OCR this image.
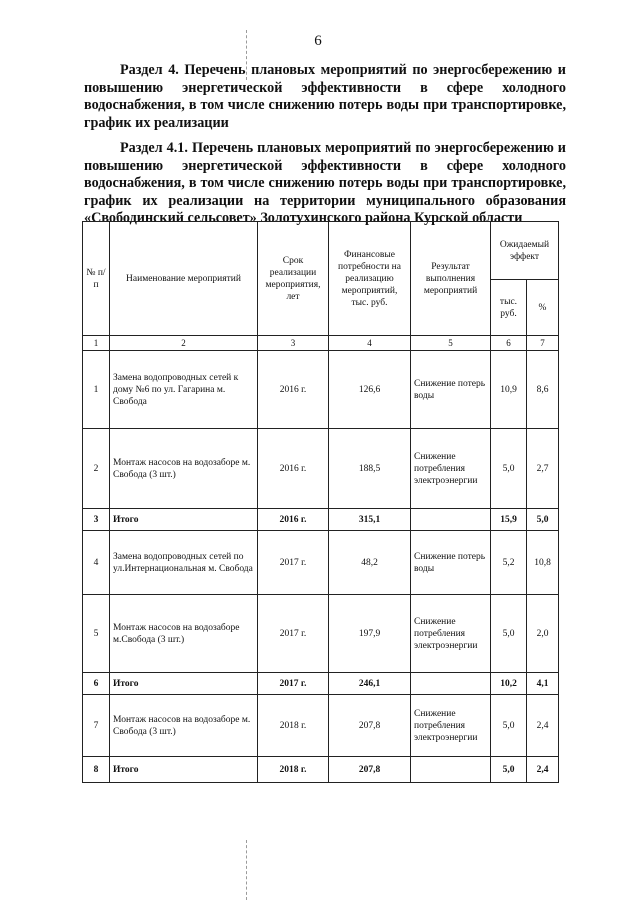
6

Раздел 4. Перечень плановых мероприятий по энергосбережению и повышению энергетической эффективности в сфере холодного водоснабжения, в том числе снижению потерь воды при транспортировке, график их реализации

Раздел 4.1. Перечень плановых мероприятий по энергосбережению и повышению энергетической эффективности в сфере холодного водоснабжения, в том числе снижению потерь воды при транспортировке, график их реализации на территории муниципального образования «Свободинский сельсовет» Золотухинского района Курской области

№ п/п	Наименование мероприятий	Срок реализации мероприятия, лет	Финансовые потребности на реализацию мероприятий, тыс. руб.	Результат выполнения мероприятий	Ожидаемый эффект	
					тыс. руб.	%
1	2	3	4	5	6	7
1	Замена водопроводных сетей к дому №6 по ул. Гагарина м. Свобода	2016 г.	126,6	Снижение потерь воды	10,9	8,6
2	Монтаж насосов на водозаборе м. Свобода (3 шт.)	2016 г.	188,5	Снижение потребления электроэнергии	5,0	2,7
3	Итого	2016 г.	315,1		15,9	5,0
4	Замена водопроводных сетей по ул.Интернациональная м. Свобода	2017 г.	48,2	Снижение потерь воды	5,2	10,8
5	Монтаж насосов на водозаборе м.Свобода (3 шт.)	2017 г.	197,9	Снижение потребления электроэнергии	5,0	2,0
6	Итого	2017 г.	246,1		10,2	4,1
7	Монтаж насосов на водозаборе м. Свобода (3 шт.)	2018 г.	207,8	Снижение потребления электроэнергии	5,0	2,4
8	Итого	2018 г.	207,8		5,0	2,4
